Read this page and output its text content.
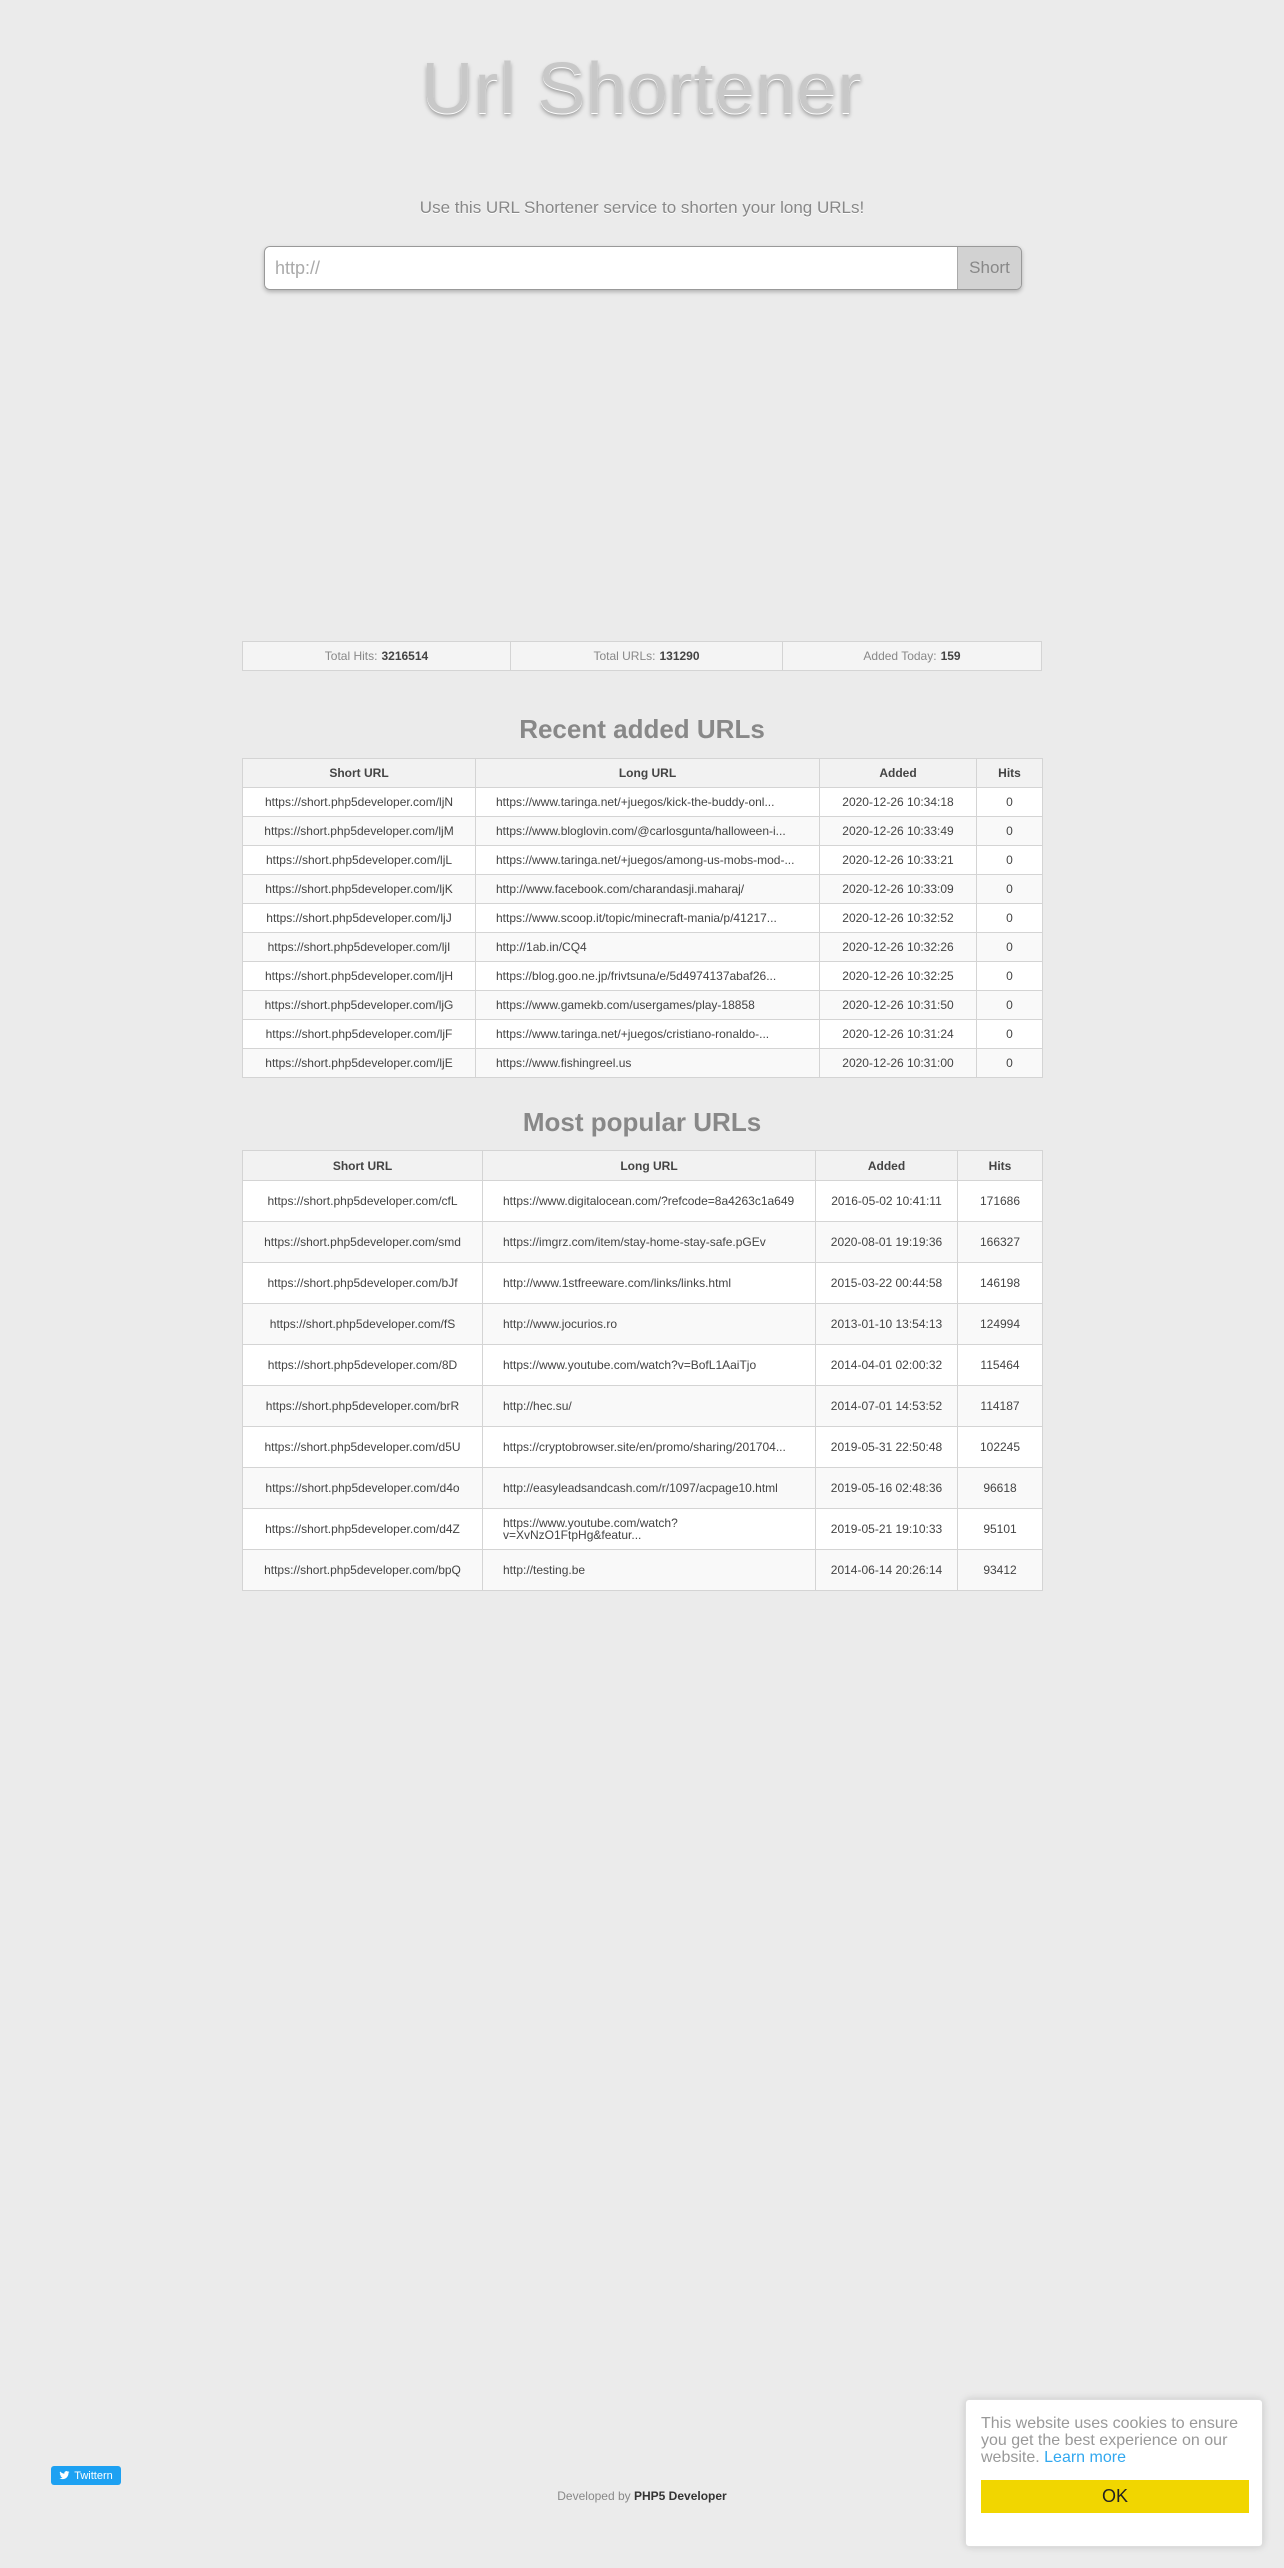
Url Shortener

Use this URL Shortener service to shorten your long URLs!

http://
Short
Total Hits: 3216514	Total URLs: 131290	Added Today: 159
Recent added URLs
Short URL	Long URL	Added	Hits
https://short.php5developer.com/ljN	https://www.taringa.net/+juegos/kick-the-buddy-onl...	2020-12-26 10:34:18	0
https://short.php5developer.com/ljM	https://www.bloglovin.com/@carlosgunta/halloween-i...	2020-12-26 10:33:49	0
https://short.php5developer.com/ljL	https://www.taringa.net/+juegos/among-us-mobs-mod-...	2020-12-26 10:33:21	0
https://short.php5developer.com/ljK	http://www.facebook.com/charandasji.maharaj/	2020-12-26 10:33:09	0
https://short.php5developer.com/ljJ	https://www.scoop.it/topic/minecraft-mania/p/41217...	2020-12-26 10:32:52	0
https://short.php5developer.com/ljI	http://1ab.in/CQ4	2020-12-26 10:32:26	0
https://short.php5developer.com/ljH	https://blog.goo.ne.jp/frivtsuna/e/5d4974137abaf26...	2020-12-26 10:32:25	0
https://short.php5developer.com/ljG	https://www.gamekb.com/usergames/play-18858	2020-12-26 10:31:50	0
https://short.php5developer.com/ljF	https://www.taringa.net/+juegos/cristiano-ronaldo-...	2020-12-26 10:31:24	0
https://short.php5developer.com/ljE	https://www.fishingreel.us	2020-12-26 10:31:00	0
Most popular URLs
Short URL	Long URL	Added	Hits
https://short.php5developer.com/cfL	https://www.digitalocean.com/?refcode=8a4263c1a649	2016-05-02 10:41:11	171686
https://short.php5developer.com/smd	https://imgrz.com/item/stay-home-stay-safe.pGEv	2020-08-01 19:19:36	166327
https://short.php5developer.com/bJf	http://www.1stfreeware.com/links/links.html	2015-03-22 00:44:58	146198
https://short.php5developer.com/fS	http://www.jocurios.ro	2013-01-10 13:54:13	124994
https://short.php5developer.com/8D	https://www.youtube.com/watch?v=BofL1AaiTjo	2014-04-01 02:00:32	115464
https://short.php5developer.com/brR	http://hec.su/	2014-07-01 14:53:52	114187
https://short.php5developer.com/d5U	https://cryptobrowser.site/en/promo/sharing/201704...	2019-05-31 22:50:48	102245
https://short.php5developer.com/d4o	http://easyleadsandcash.com/r/1097/acpage10.html	2019-05-16 02:48:36	96618
https://short.php5developer.com/d4Z	https://www.youtube.com/watch?v=XvNzO1FtpHg&featur...	2019-05-21 19:10:33	95101
https://short.php5developer.com/bpQ	http://testing.be	2014-06-14 20:26:14	93412
Twittern
Developed by PHP5 Developer
This website uses cookies to ensure you get the best experience on our website. Learn more
OK
